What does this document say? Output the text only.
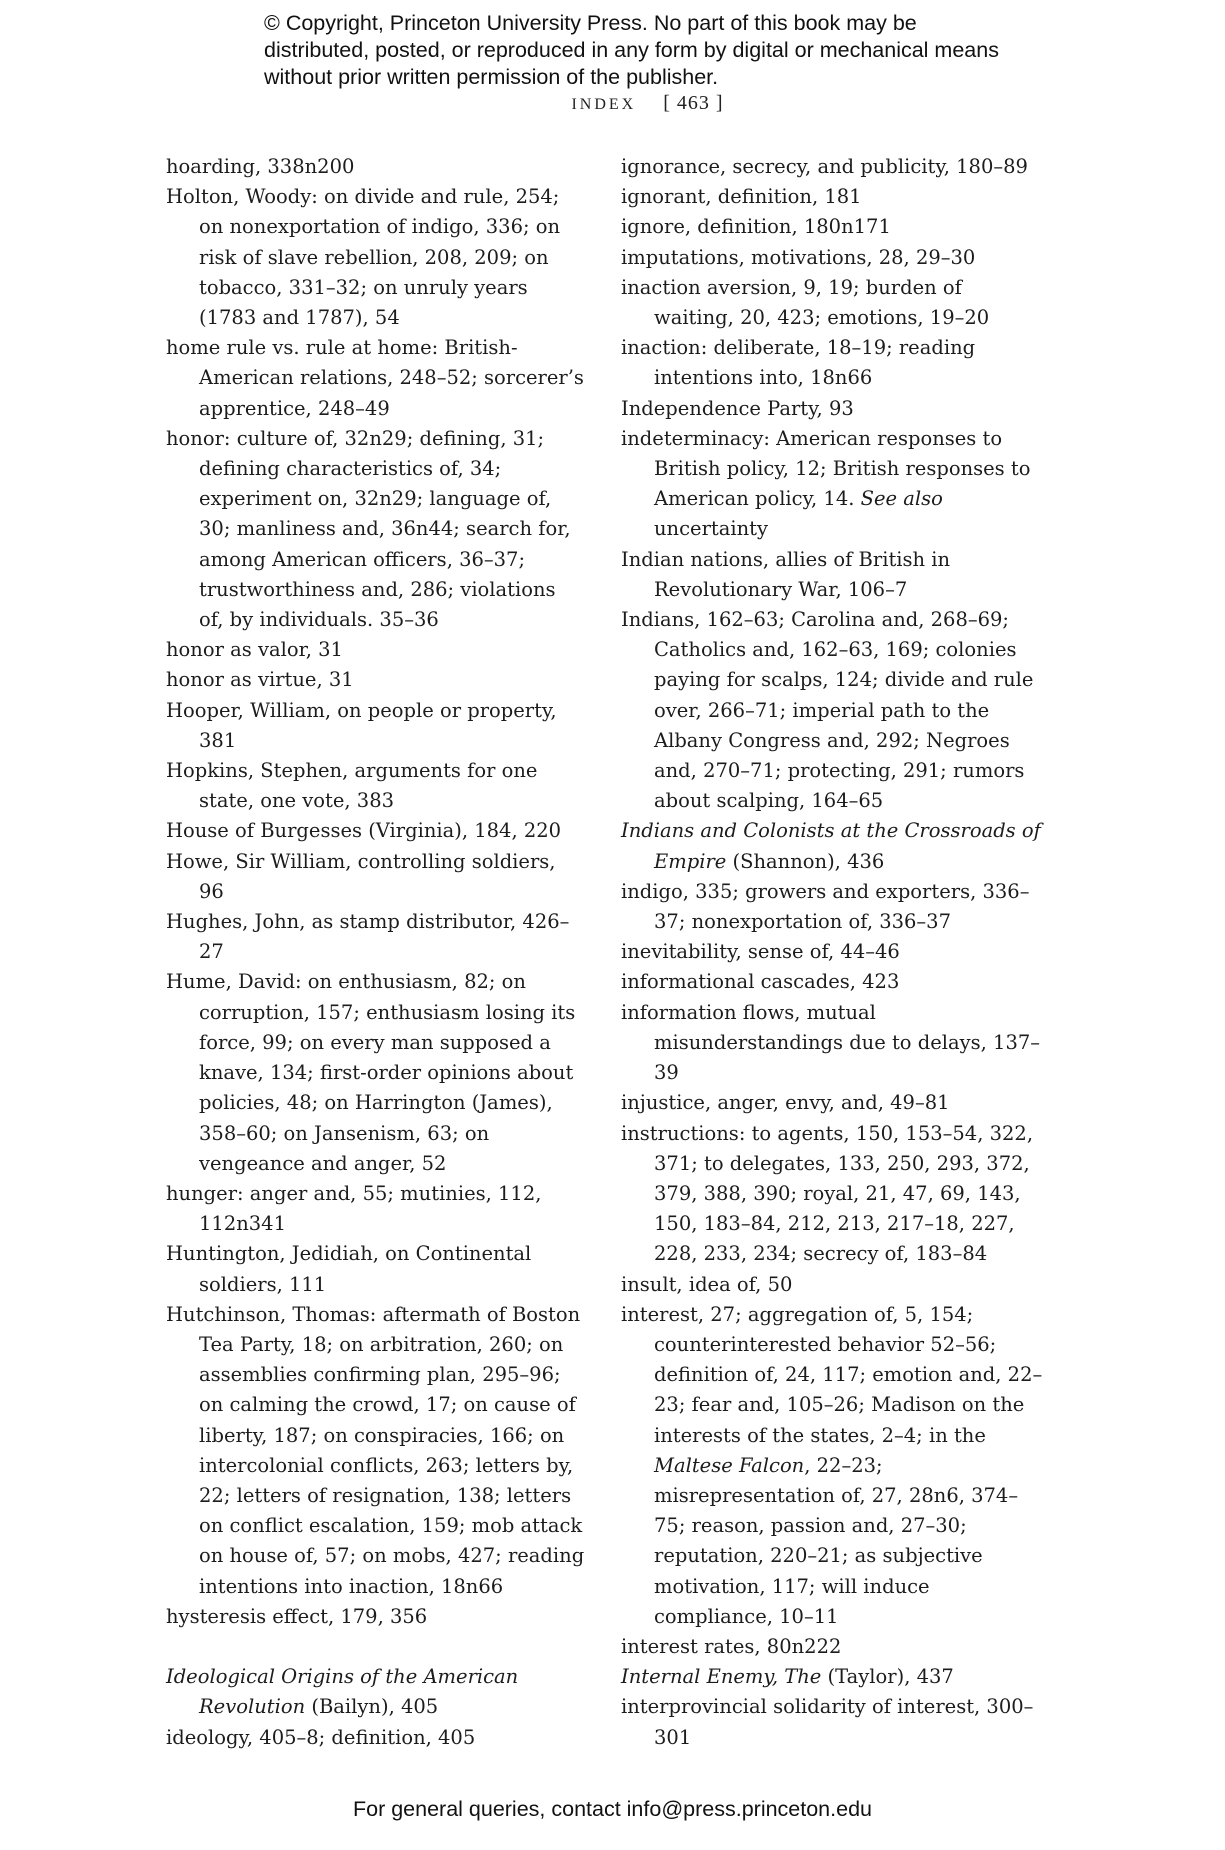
© Copyright, Princeton University Press. No part of this book may be distributed, posted, or reproduced in any form by digital or mechanical means without prior written permission of the publisher.
INDEX [ 463 ]

hoarding, 338n200

Holton, Woody: on divide and rule, 254; on nonexportation of indigo, 336; on risk of slave rebellion, 208, 209; on tobacco, 331–32; on unruly years (1783 and 1787), 54

home rule vs. rule at home: British-American relations, 248–52; sorcerer’s apprentice, 248–49

honor: culture of, 32n29; defining, 31; defining characteristics of, 34; experiment on, 32n29; language of, 30; manliness and, 36n44; search for, among American officers, 36–37; trustworthiness and, 286; violations of, by individuals. 35–36

honor as valor, 31

honor as virtue, 31

Hooper, William, on people or property, 381

Hopkins, Stephen, arguments for one state, one vote, 383

House of Burgesses (Virginia), 184, 220

Howe, Sir William, controlling soldiers, 96

Hughes, John, as stamp distributor, 426–27

Hume, David: on enthusiasm, 82; on corruption, 157; enthusiasm losing its force, 99; on every man supposed a knave, 134; first-order opinions about policies, 48; on Harrington (James), 358–60; on Jansenism, 63; on vengeance and anger, 52

hunger: anger and, 55; mutinies, 112, 112n341

Huntington, Jedidiah, on Continental soldiers, 111

Hutchinson, Thomas: aftermath of Boston Tea Party, 18; on arbitration, 260; on assemblies confirming plan, 295–96; on calming the crowd, 17; on cause of liberty, 187; on conspiracies, 166; on intercolonial conflicts, 263; letters by, 22; letters of resignation, 138; letters on conflict escalation, 159; mob attack on house of, 57; on mobs, 427; reading intentions into inaction, 18n66

hysteresis effect, 179, 356

Ideological Origins of the American Revolution (Bailyn), 405

ideology, 405–8; definition, 405

ignorance, secrecy, and publicity, 180–89

ignorant, definition, 181

ignore, definition, 180n171

imputations, motivations, 28, 29–30

inaction aversion, 9, 19; burden of waiting, 20, 423; emotions, 19–20

inaction: deliberate, 18–19; reading intentions into, 18n66

Independence Party, 93

indeterminacy: American responses to British policy, 12; British responses to American policy, 14. See also uncertainty

Indian nations, allies of British in Revolutionary War, 106–7

Indians, 162–63; Carolina and, 268–69; Catholics and, 162–63, 169; colonies paying for scalps, 124; divide and rule over, 266–71; imperial path to the Albany Congress and, 292; Negroes and, 270–71; protecting, 291; rumors about scalping, 164–65

Indians and Colonists at the Crossroads of Empire (Shannon), 436

indigo, 335; growers and exporters, 336–37; nonexportation of, 336–37

inevitability, sense of, 44–46

informational cascades, 423

information flows, mutual misunderstandings due to delays, 137–39

injustice, anger, envy, and, 49–81

instructions: to agents, 150, 153–54, 322, 371; to delegates, 133, 250, 293, 372, 379, 388, 390; royal, 21, 47, 69, 143, 150, 183–84, 212, 213, 217–18, 227, 228, 233, 234; secrecy of, 183–84

insult, idea of, 50

interest, 27; aggregation of, 5, 154; counterinterested behavior 52–56; definition of, 24, 117; emotion and, 22–23; fear and, 105–26; Madison on the interests of the states, 2–4; in the Maltese Falcon, 22–23; misrepresentation of, 27, 28n6, 374–75; reason, passion and, 27–30; reputation, 220–21; as subjective motivation, 117; will induce compliance, 10–11

interest rates, 80n222

Internal Enemy, The (Taylor), 437

interprovincial solidarity of interest, 300–301

For general queries, contact info@press.princeton.edu
